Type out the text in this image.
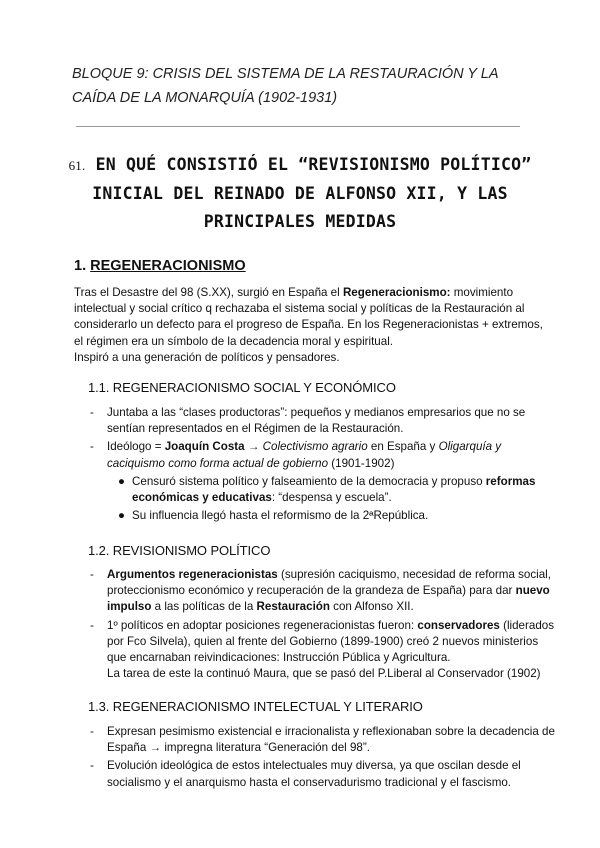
BLOQUE 9: CRISIS DEL SISTEMA DE LA RESTAURACIÓN Y LA CAÍDA DE LA MONARQUÍA (1902-1931)
61. EN QUÉ CONSISTIÓ EL “REVISIONISMO POLÍTICO” INICIAL DEL REINADO DE ALFONSO XII, Y LAS PRINCIPALES MEDIDAS
1. REGENERACIONISMO

Tras el Desastre del 98 (S.XX), surgió en España el Regeneracionismo: movimiento intelectual y social crítico q rechazaba el sistema social y políticas de la Restauración al considerarlo un defecto para el progreso de España. En los Regeneracionistas + extremos, el régimen era un símbolo de la decadencia moral y espiritual.

Inspiró a una generación de políticos y pensadores.

1.1. REGENERACIONISMO SOCIAL Y ECONÓMICO
- Juntaba a las “clases productoras”: pequeños y medianos empresarios que no se sentían representados en el Régimen de la Restauración.
- Ideólogo = Joaquín Costa → Colectivismo agrario en España y Oligarquía y caciquismo como forma actual de gobierno (1901-1902)
● Censuró sistema político y falseamiento de la democracia y propuso reformas económicas y educativas: “despensa y escuela”.
● Su influencia llegó hasta el reformismo de la 2ªRepública.
1.2. REVISIONISMO POLÍTICO
- Argumentos regeneracionistas (supresión caciquismo, necesidad de reforma social, proteccionismo económico y recuperación de la grandeza de España) para dar nuevo impulso a las políticas de la Restauración con Alfonso XII.
- 1º políticos en adoptar posiciones regeneracionistas fueron: conservadores (liderados por Fco Silvela), quien al frente del Gobierno (1899-1900) creó 2 nuevos ministerios que encarnaban reivindicaciones: Instrucción Pública y Agricultura.
La tarea de este la continuó Maura, que se pasó del P.Liberal al Conservador (1902)
1.3. REGENERACIONISMO INTELECTUAL Y LITERARIO
- Expresan pesimismo existencial e irracionalista y reflexionaban sobre la decadencia de España → impregna literatura “Generación del 98”.
- Evolución ideológica de estos intelectuales muy diversa, ya que oscilan desde el socialismo y el anarquismo hasta el conservadurismo tradicional y el fascismo.
